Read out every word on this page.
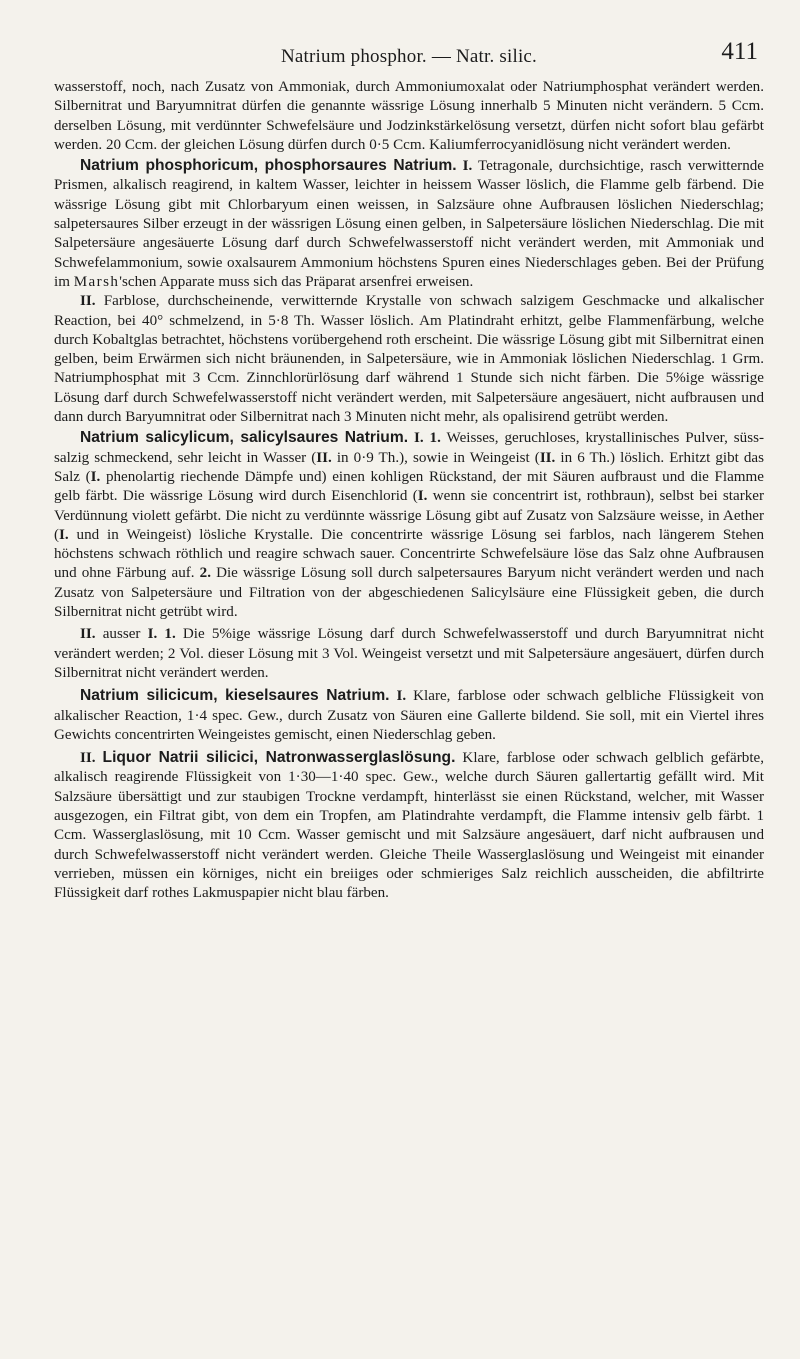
Natrium phosphor. — Natr. silic.	411

wasserstoff, noch, nach Zusatz von Ammoniak, durch Ammoniumoxalat oder Natriumphosphat verändert werden. Silbernitrat und Baryumnitrat dürfen die genannte wässrige Lösung innerhalb 5 Minuten nicht verändern. 5 Ccm. derselben Lösung, mit verdünnter Schwefelsäure und Jodzinkstärkelösung versetzt, dürfen nicht sofort blau gefärbt werden. 20 Ccm. der gleichen Lösung dürfen durch 0·5 Ccm. Kaliumferrocyanidlösung nicht verändert werden.

Natrium phosphoricum, phosphorsaures Natrium. I. Tetragonale, durchsichtige, rasch verwitternde Prismen, alkalisch reagirend, in kaltem Wasser, leichter in heissem Wasser löslich, die Flamme gelb färbend. Die wässrige Lösung gibt mit Chlorbaryum einen weissen, in Salzsäure ohne Aufbrausen löslichen Niederschlag; salpetersaures Silber erzeugt in der wässrigen Lösung einen gelben, in Salpetersäure löslichen Niederschlag. Die mit Salpetersäure angesäuerte Lösung darf durch Schwefelwasserstoff nicht verändert werden, mit Ammoniak und Schwefelammonium, sowie oxalsaurem Ammonium höchstens Spuren eines Niederschlages geben. Bei der Prüfung im Marsh'schen Apparate muss sich das Präparat arsenfrei erweisen.

II. Farblose, durchscheinende, verwitternde Krystalle von schwach salzigem Geschmacke und alkalischer Reaction, bei 40° schmelzend, in 5·8 Th. Wasser löslich. Am Platindraht erhitzt, gelbe Flammenfärbung, welche durch Kobaltglas betrachtet, höchstens vorübergehend roth erscheint. Die wässrige Lösung gibt mit Silbernitrat einen gelben, beim Erwärmen sich nicht bräunenden, in Salpetersäure, wie in Ammoniak löslichen Niederschlag. 1 Grm. Natriumphosphat mit 3 Ccm. Zinnchlorürlösung darf während 1 Stunde sich nicht färben. Die 5%ige wässrige Lösung darf durch Schwefelwasserstoff nicht verändert werden, mit Salpetersäure angesäuert, nicht aufbrausen und dann durch Baryumnitrat oder Silbernitrat nach 3 Minuten nicht mehr, als opalisirend getrübt werden.

Natrium salicylicum, salicylsaures Natrium. I. 1. Weisses, geruchloses, krystallinisches Pulver, süss-salzig schmeckend, sehr leicht in Wasser (II. in 0·9 Th.), sowie in Weingeist (II. in 6 Th.) löslich. Erhitzt gibt das Salz (I. phenolartig riechende Dämpfe und) einen kohligen Rückstand, der mit Säuren aufbraust und die Flamme gelb färbt. Die wässrige Lösung wird durch Eisenchlorid (I. wenn sie concentrirt ist, rothbraun), selbst bei starker Verdünnung violett gefärbt. Die nicht zu verdünnte wässrige Lösung gibt auf Zusatz von Salzsäure weisse, in Aether (I. und in Weingeist) lösliche Krystalle. Die concentrirte wässrige Lösung sei farblos, nach längerem Stehen höchstens schwach röthlich und reagire schwach sauer. Concentrirte Schwefelsäure löse das Salz ohne Aufbrausen und ohne Färbung auf. 2. Die wässrige Lösung soll durch salpetersaures Baryum nicht verändert werden und nach Zusatz von Salpetersäure und Filtration von der abgeschiedenen Salicylsäure eine Flüssigkeit geben, die durch Silbernitrat nicht getrübt wird.

II. ausser I. 1. Die 5%ige wässrige Lösung darf durch Schwefelwasserstoff und durch Baryumnitrat nicht verändert werden; 2 Vol. dieser Lösung mit 3 Vol. Weingeist versetzt und mit Salpetersäure angesäuert, dürfen durch Silbernitrat nicht verändert werden.

Natrium silicicum, kieselsaures Natrium. I. Klare, farblose oder schwach gelbliche Flüssigkeit von alkalischer Reaction, 1·4 spec. Gew., durch Zusatz von Säuren eine Gallerte bildend. Sie soll, mit ein Viertel ihres Gewichts concentrirten Weingeistes gemischt, einen Niederschlag geben.

II. Liquor Natrii silicici, Natronwasserglaslösung. Klare, farblose oder schwach gelblich gefärbte, alkalisch reagirende Flüssigkeit von 1·30—1·40 spec. Gew., welche durch Säuren gallertartig gefällt wird. Mit Salzsäure übersättigt und zur staubigen Trockne verdampft, hinterlässt sie einen Rückstand, welcher, mit Wasser ausgezogen, ein Filtrat gibt, von dem ein Tropfen, am Platindrahte verdampft, die Flamme intensiv gelb färbt. 1 Ccm. Wasserglaslösung, mit 10 Ccm. Wasser gemischt und mit Salzsäure angesäuert, darf nicht aufbrausen und durch Schwefelwasserstoff nicht verändert werden. Gleiche Theile Wasserglaslösung und Weingeist mit einander verrieben, müssen ein körniges, nicht ein breiiges oder schmieriges Salz reichlich ausscheiden, die abfiltrirte Flüssigkeit darf rothes Lakmuspapier nicht blau färben.
